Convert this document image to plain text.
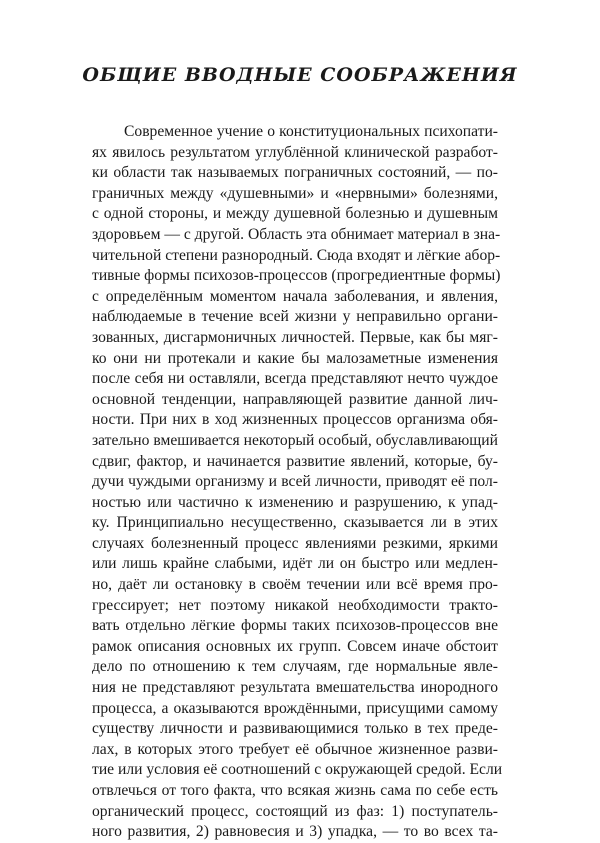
ОБЩИЕ ВВОДНЫЕ СООБРАЖЕНИЯ
Современное учение о конституциональных психопати-
ях явилось результатом углублённой клинической разработ-
ки области так называемых пограничных состояний, — по-
граничных между «душевными» и «нервными» болезнями,
с одной стороны, и между душевной болезнью и душевным
здоровьем — с другой. Область эта обнимает материал в зна-
чительной степени разнородный. Сюда входят и лёгкие абор-
тивные формы психозов-процессов (прогредиентные формы)
с определённым моментом начала заболевания, и явления,
наблюдаемые в течение всей жизни у неправильно органи-
зованных, дисгармоничных личностей. Первые, как бы мяг-
ко они ни протекали и какие бы малозаметные изменения
после себя ни оставляли, всегда представляют нечто чуждое
основной тенденции, направляющей развитие данной лич-
ности. При них в ход жизненных процессов организма обя-
зательно вмешивается некоторый особый, обуславливающий
сдвиг, фактор, и начинается развитие явлений, которые, бу-
дучи чуждыми организму и всей личности, приводят её пол-
ностью или частично к изменению и разрушению, к упад-
ку. Принципиально несущественно, сказывается ли в этих
случаях болезненный процесс явлениями резкими, яркими
или лишь крайне слабыми, идёт ли он быстро или медлен-
но, даёт ли остановку в своём течении или всё время про-
грессирует; нет поэтому никакой необходимости тракто-
вать отдельно лёгкие формы таких психозов-процессов вне
рамок описания основных их групп. Совсем иначе обстоит
дело по отношению к тем случаям, где нормальные явле-
ния не представляют результата вмешательства инородного
процесса, а оказываются врождёнными, присущими самому
существу личности и развивающимися только в тех преде-
лах, в которых этого требует её обычное жизненное разви-
тие или условия её соотношений с окружающей средой. Если
отвлечься от того факта, что всякая жизнь сама по себе есть
органический процесс, состоящий из фаз: 1) поступатель-
ного развития, 2) равновесия и 3) упадка, — то во всех та-
